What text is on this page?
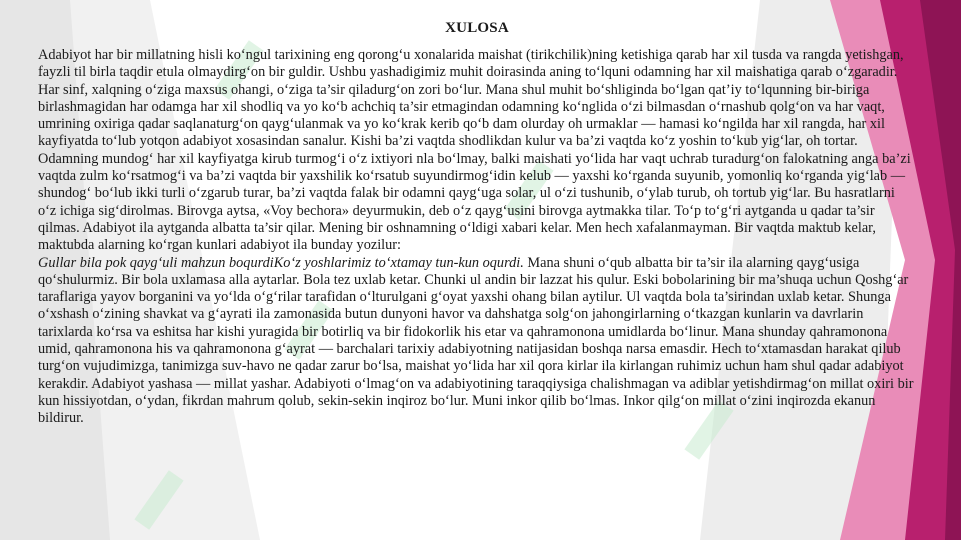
XULOSA

Adabiyot har bir millatning hisli ko‘ngul tarixining eng qorong‘u xonalarida maishat (tirikchilik)ning ketishiga qarab har xil tusda va rangda yetishgan, fayzli til birla taqdir etula olmaydirg‘on bir guldir. Ushbu yashadigimiz muhit doirasinda aning to‘lquni odamning har xil maishatiga qarab o‘zgaradir.

Har sinf, xalqning o‘ziga maxsus ohangi, o‘ziga ta’sir qiladurg‘on zori bo‘lur. Mana shul muhit bo‘shliginda bo‘lgan qat’iy to‘lqunning bir-biriga birlashmagidan har odamga har xil shodliq va yo ko‘b achchiq ta’sir etmagindan odamning ko‘nglida o‘zi bilmasdan o‘rnashub qolg‘on va har vaqt, umrining oxiriga qadar saqlanaturg‘on qayg‘ulanmak va yo ko‘krak kerib qo‘b dam olurday oh urmaklar — hamasi ko‘ngilda har xil rangda, har xil kayfiyatda to‘lub yotqon adabiyot xosasindan sanalur. Kishi ba’zi vaqtda shodlikdan kulur va ba’zi vaqtda ko‘z yoshin to‘kub yig‘lar, oh tortar. Odamning mundog‘ har xil kayfiyatga kirub turmog‘i o‘z ixtiyori nla bo‘lmay, balki maishati yo‘lida har vaqt uchrab turadurg‘on falokatning anga ba’zi vaqtda zulm ko‘rsatmog‘i va ba’zi vaqtda bir yaxshilik ko‘rsatub suyundirmog‘idin kelub — yaxshi ko‘rganda suyunib, yomonliq ko‘rganda yig‘lab — shundog‘ bo‘lub ikki turli o‘zgarub turar, ba’zi vaqtda falak bir odamni qayg‘uga solar, ul o‘zi tushunib, o‘ylab turub, oh tortub yig‘lar. Bu hasratlarni o‘z ichiga sig‘dirolmas. Birovga aytsa, «Voy bechora» deyurmukin, deb o‘z qayg‘usini birovga aytmakka tilar. To‘p to‘g‘ri aytganda u qadar ta’sir qilmas. Adabiyot ila aytganda albatta ta’sir qilar. Mening bir oshnamning o‘ldigi xabari kelar. Men hech xafalanmayman. Bir vaqtda maktub kelar, maktubda alarning ko‘rgan kunlari adabiyot ila bunday yozilur:

Gullar bila pok qayg‘uli mahzun boqurdiKo‘z yoshlarimiz to‘xtamay tun-kun oqurdi. Mana shuni o‘qub albatta bir ta’sir ila alarning qayg‘usiga qo‘shulurmiz. Bir bola uxlamasa alla aytarlar. Bola tez uxlab ketar. Chunki ul andin bir lazzat his qulur. Eski bobolarining bir ma’shuqa uchun Qoshg‘ar taraflariga yayov borganini va yo‘lda o‘g‘rilar tarafidan o‘lturulgani g‘oyat yaxshi ohang bilan aytilur. Ul vaqtda bola ta’sirindan uxlab ketar. Shunga o‘xshash o‘zining shavkat va g‘ayrati ila zamonasida butun dunyoni havor va dahshatga solg‘on jahongirlarning o‘tkazgan kunlarin va davrlarin tarixlarda ko‘rsa va eshitsa har kishi yuragida bir botirliq va bir fidokorlik his etar va qahramonona umidlarda bo‘linur. Mana shunday qahramonona umid, qahramonona his va qahramonona g‘ayrat — barchalari tarixiy adabiyotning natijasidan boshqa narsa emasdir. Hech to‘xtamasdan harakat qilub turg‘on vujudimizga, tanimizga suv-havo ne qadar zarur bo‘lsa, maishat yo‘lida har xil qora kirlar ila kirlangan ruhimiz uchun ham shul qadar adabiyot kerakdir. Adabiyot yashasa — millat yashar. Adabiyoti o‘lmag‘on va adabiyotining taraqqiysiga chalishmagan va adiblar yetishdirmag‘on millat oxiri bir kun hissiyotdan, o‘ydan, fikrdan mahrum qolub, sekin-sekin inqiroz bo‘lur. Muni inkor qilib bo‘lmas. Inkor qilg‘on millat o‘zini inqirozda ekanun bildirur.
